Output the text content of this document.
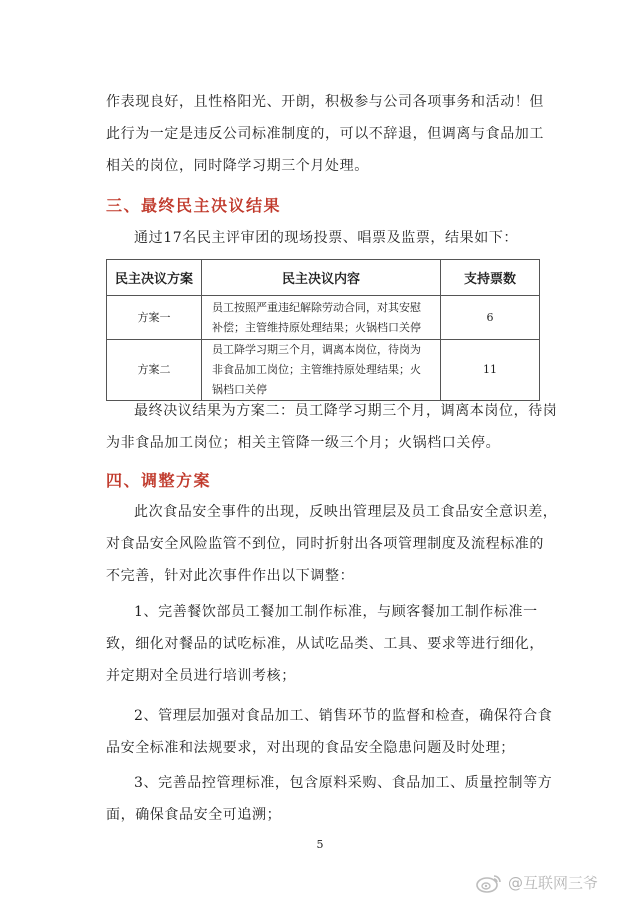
作表现良好，且性格阳光、开朗，积极参与公司各项事务和活动！但此行为一定是违反公司标准制度的，可以不辞退，但调离与食品加工相关的岗位，同时降学习期三个月处理。

三、最终民主决议结果

通过17名民主评审团的现场投票、唱票及监票，结果如下：

民主决议方案	民主决议内容	支持票数
方案一	员工按照严重违纪解除劳动合同，对其安慰补偿；主管维持原处理结果；火锅档口关停	6
方案二	员工降学习期三个月，调离本岗位，待岗为非食品加工岗位；主管维持原处理结果；火锅档口关停	11

最终决议结果为方案二：员工降学习期三个月，调离本岗位，待岗为非食品加工岗位；相关主管降一级三个月；火锅档口关停。

四、调整方案

此次食品安全事件的出现，反映出管理层及员工食品安全意识差，对食品安全风险监管不到位，同时折射出各项管理制度及流程标准的不完善，针对此次事件作出以下调整：

1、完善餐饮部员工餐加工制作标准，与顾客餐加工制作标准一致，细化对餐品的试吃标准，从试吃品类、工具、要求等进行细化，并定期对全员进行培训考核；

2、管理层加强对食品加工、销售环节的监督和检查，确保符合食品安全标准和法规要求，对出现的食品安全隐患问题及时处理；

3、完善品控管理标准，包含原料采购、食品加工、质量控制等方面，确保食品安全可追溯；

5
@互联网三爷
